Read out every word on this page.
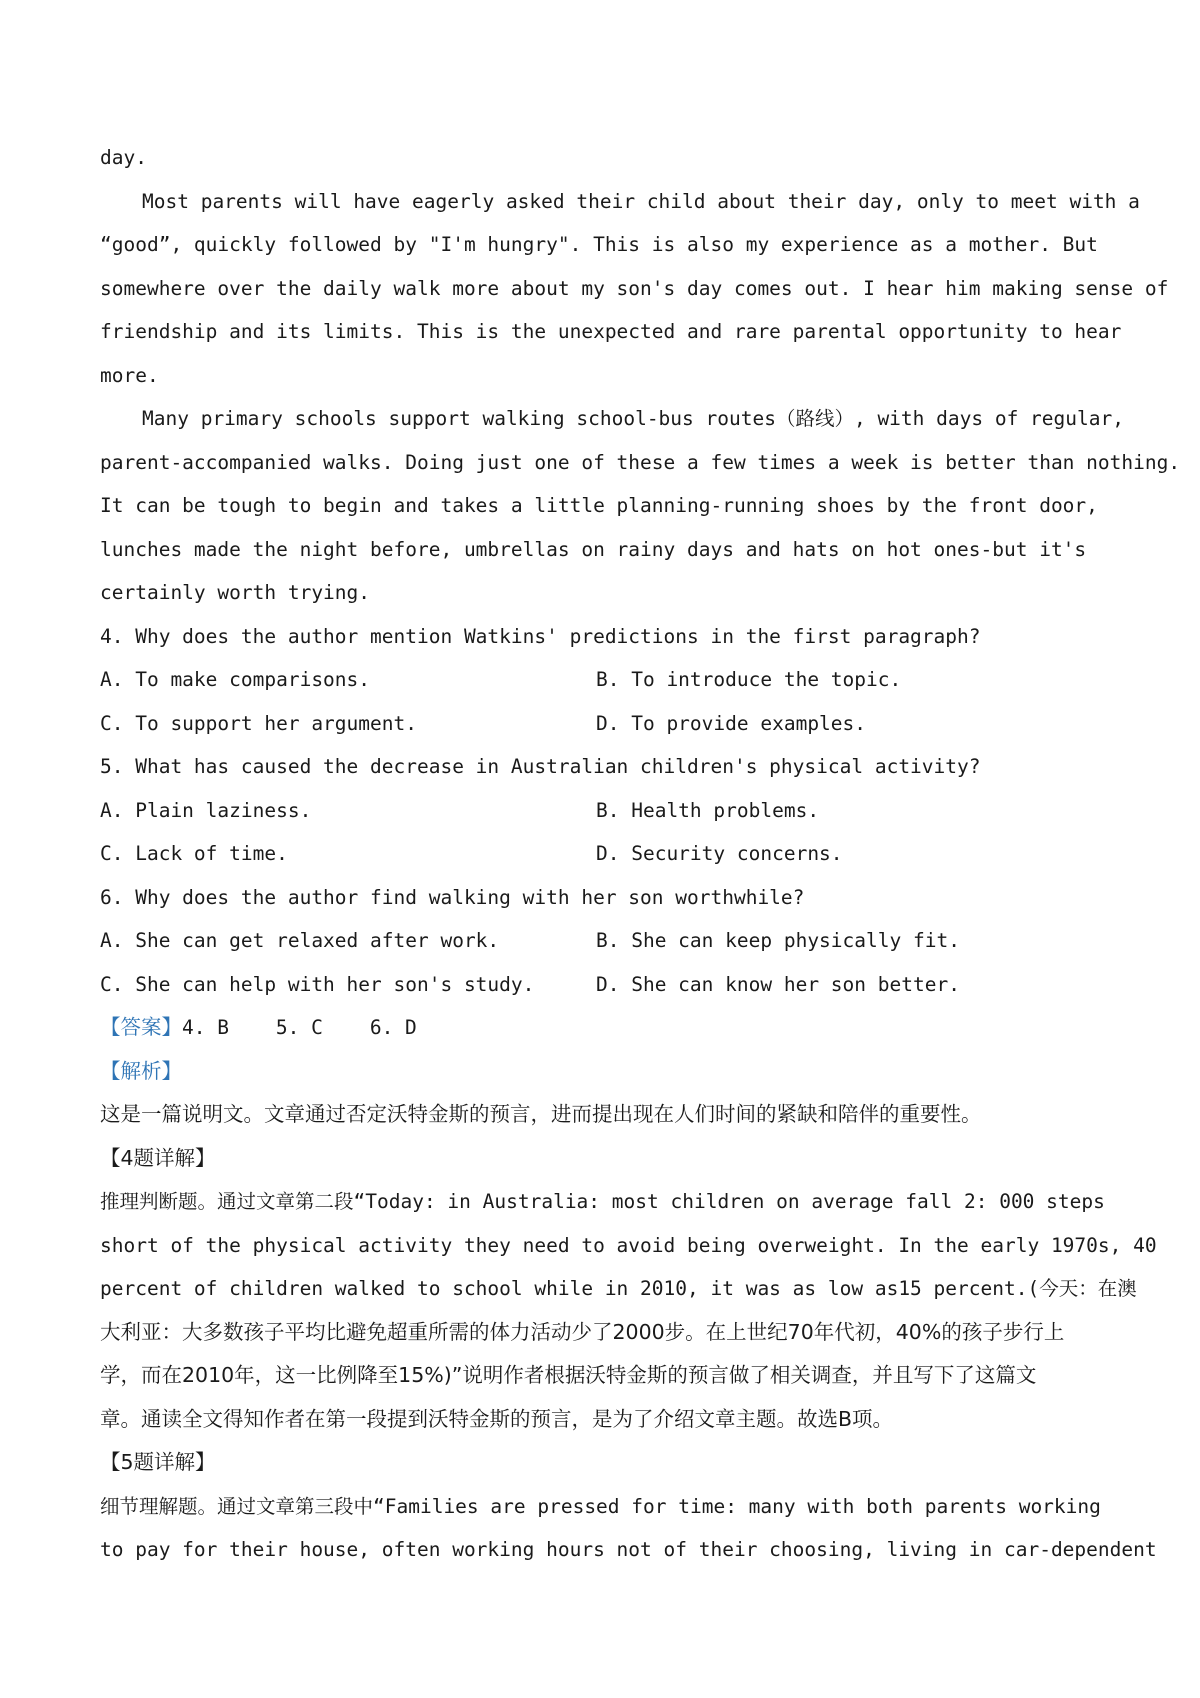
day.
Most parents will have eagerly asked their child about their day, only to meet with a
“good”, quickly followed by "I'm hungry". This is also my experience as a mother. But
somewhere over the daily walk more about my son's day comes out. I hear him making sense of
friendship and its limits. This is the unexpected and rare parental opportunity to hear
more.
Many primary schools support walking school-bus routes（路线）, with days of regular,
parent-accompanied walks. Doing just one of these a few times a week is better than nothing.
It can be tough to begin and takes a little planning-running shoes by the front door,
lunches made the night before, umbrellas on rainy days and hats on hot ones-but it's
certainly worth trying.
4. Why does the author mention Watkins' predictions in the first paragraph?
A. To make comparisons.	B. To introduce the topic.
C. To support her argument.	D. To provide examples.
5. What has caused the decrease in Australian children's physical activity?
A. Plain laziness.	B. Health problems.
C. Lack of time.	D. Security concerns.
6. Why does the author find walking with her son worthwhile?
A. She can get relaxed after work.	B. She can keep physically fit.
C. She can help with her son's study.	D. She can know her son better.
【答案】4. B    5. C    6. D
【解析】
这是一篇说明文。文章通过否定沃特金斯的预言，进而提出现在人们时间的紧缺和陪伴的重要性。
【4题详解】
推理判断题。通过文章第二段“Today: in Australia: most children on average fall 2: 000 steps
short of the physical activity they need to avoid being overweight. In the early 1970s, 40
percent of children walked to school while in 2010, it was as low as15 percent.(今天：在澳
大利亚：大多数孩子平均比避免超重所需的体力活动少了2000步。在上世纪70年代初，40%的孩子步行上
学，而在2010年，这一比例降至15%)”说明作者根据沃特金斯的预言做了相关调查，并且写下了这篇文
章。通读全文得知作者在第一段提到沃特金斯的预言，是为了介绍文章主题。故选B项。
【5题详解】
细节理解题。通过文章第三段中“Families are pressed for time: many with both parents working
to pay for their house, often working hours not of their choosing, living in car-dependent
